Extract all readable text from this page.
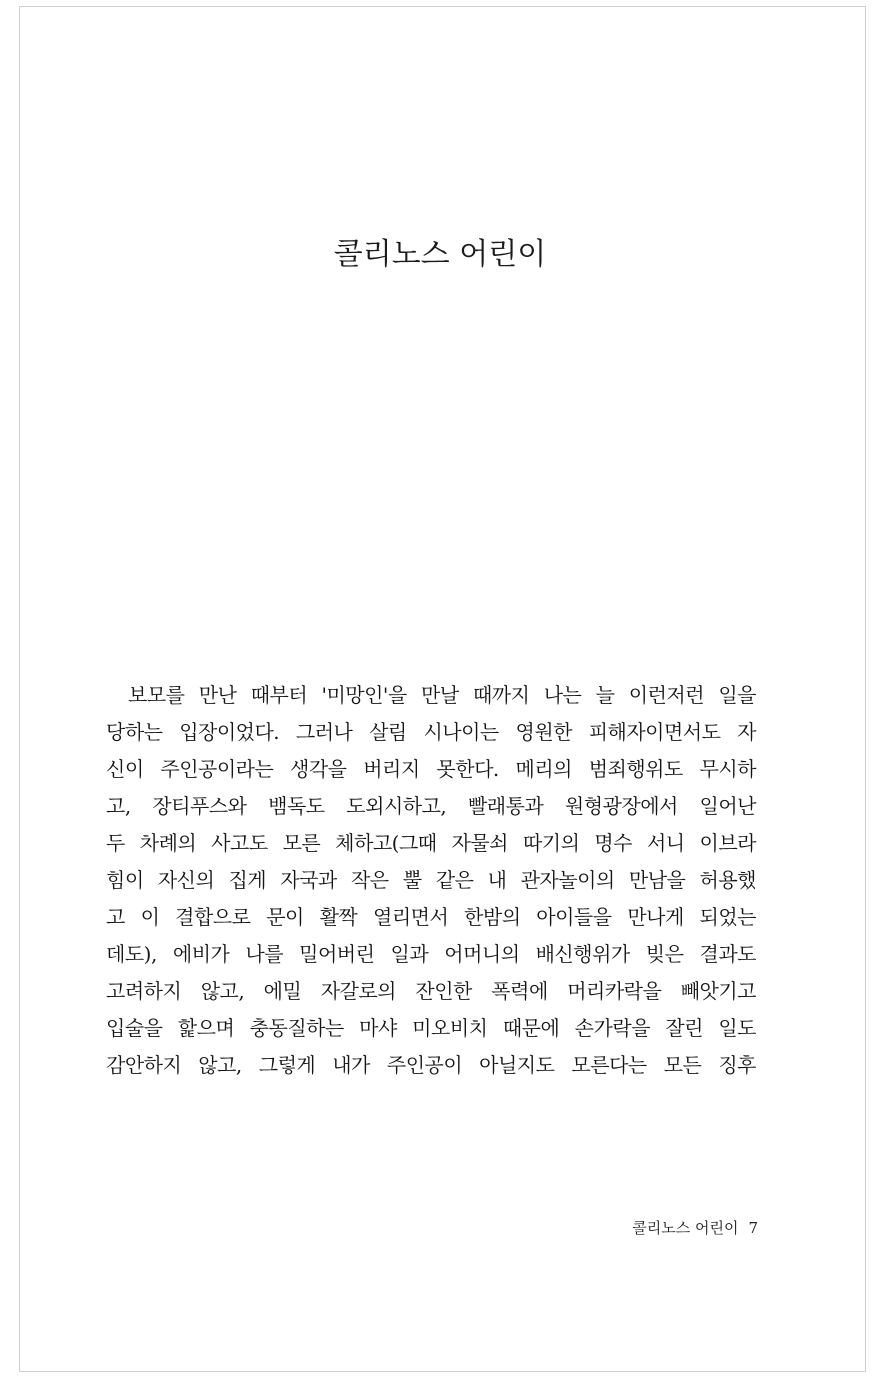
콜리노스 어린이
보모를 만난 때부터 '미망인'을 만날 때까지 나는 늘 이런저런 일을
당하는 입장이었다. 그러나 살림 시나이는 영원한 피해자이면서도 자
신이 주인공이라는 생각을 버리지 못한다. 메리의 범죄행위도 무시하
고, 장티푸스와 뱀독도 도외시하고, 빨래통과 원형광장에서 일어난
두 차례의 사고도 모른 체하고(그때 자물쇠 따기의 명수 서니 이브라
힘이 자신의 집게 자국과 작은 뿔 같은 내 관자놀이의 만남을 허용했
고 이 결합으로 문이 활짝 열리면서 한밤의 아이들을 만나게 되었는
데도), 에비가 나를 밀어버린 일과 어머니의 배신행위가 빚은 결과도
고려하지 않고, 에밀 자갈로의 잔인한 폭력에 머리카락을 빼앗기고
입술을 핥으며 충동질하는 마샤 미오비치 때문에 손가락을 잘린 일도
감안하지 않고, 그렇게 내가 주인공이 아닐지도 모른다는 모든 징후
콜리노스 어린이 7
